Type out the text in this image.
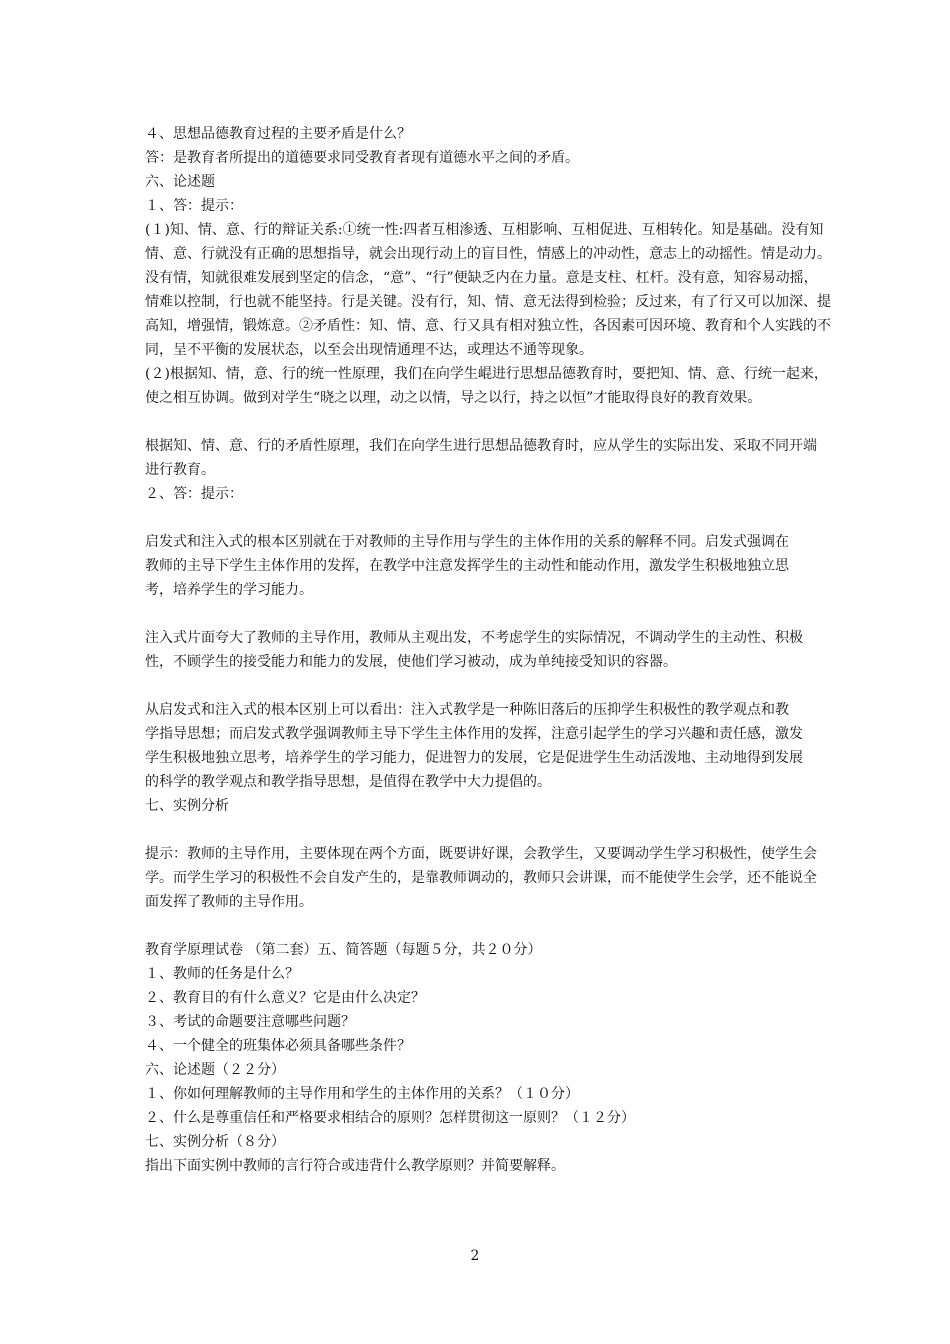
４、思想品德教育过程的主要矛盾是什么？

答：是教育者所提出的道德要求同受教育者现有道德水平之间的矛盾。

六、论述题

１、答：提示：

(１)知、情、意、行的辩证关系:①统一性:四者互相渗透、互相影响、互相促进、互相转化。知是基础。没有知

情、意、行就没有正确的思想指导，就会出现行动上的盲目性，情感上的冲动性，意志上的动摇性。情是动力。

没有情，知就很难发展到坚定的信念，“意”、“行”便缺乏内在力量。意是支柱、杠杆。没有意，知容易动摇，

情难以控制，行也就不能坚持。行是关键。没有行，知、情、意无法得到检验；反过来，有了行又可以加深、提

高知，增强情，锻炼意。②矛盾性：知、情、意、行又具有相对独立性，各因素可因环境、教育和个人实践的不

同，呈不平衡的发展状态，以至会出现情通理不达，或理达不通等现象。

(２)根据知、情，意、行的统一性原理，我们在向学生崐进行思想品德教育时，要把知、情、意、行统一起来，

使之相互协调。做到对学生“晓之以理，动之以情，导之以行，持之以恒”才能取得良好的教育效果。

根据知、情、意、行的矛盾性原理，我们在向学生进行思想品德教育时，应从学生的实际出发、采取不同开端

进行教育。

２、答：提示：

启发式和注入式的根本区别就在于对教师的主导作用与学生的主体作用的关系的解释不同。启发式强调在

教师的主导下学生主体作用的发挥，在教学中注意发挥学生的主动性和能动作用，激发学生积极地独立思

考，培养学生的学习能力。

注入式片面夸大了教师的主导作用，教师从主观出发，不考虑学生的实际情况，不调动学生的主动性、积极

性，不顾学生的接受能力和能力的发展，使他们学习被动，成为单纯接受知识的容器。

从启发式和注入式的根本区别上可以看出：注入式教学是一种陈旧落后的压抑学生积极性的教学观点和教

学指导思想；而启发式教学强调教师主导下学生主体作用的发挥，注意引起学生的学习兴趣和责任感，激发

学生积极地独立思考，培养学生的学习能力，促进智力的发展，它是促进学生生动活泼地、主动地得到发展

的科学的教学观点和教学指导思想，是值得在教学中大力提倡的。

七、实例分析

提示：教师的主导作用，主要体现在两个方面，既要讲好课，会教学生，又要调动学生学习积极性，使学生会

学。而学生学习的积极性不会自发产生的，是靠教师调动的，教师只会讲课，而不能使学生会学，还不能说全

面发挥了教师的主导作用。

教育学原理试卷 （第二套）五、简答题（每题５分，共２０分）

１、教师的任务是什么？

２、教育目的有什么意义？它是由什么决定？

３、考试的命题要注意哪些问题？

４、一个健全的班集体必须具备哪些条件？

六、论述题（２２分）

１、你如何理解教师的主导作用和学生的主体作用的关系？（１０分）

２、什么是尊重信任和严格要求相结合的原则？怎样贯彻这一原则？（１２分）

七、实例分析（８分）

指出下面实例中教师的言行符合或违背什么教学原则？并简要解释。

2
